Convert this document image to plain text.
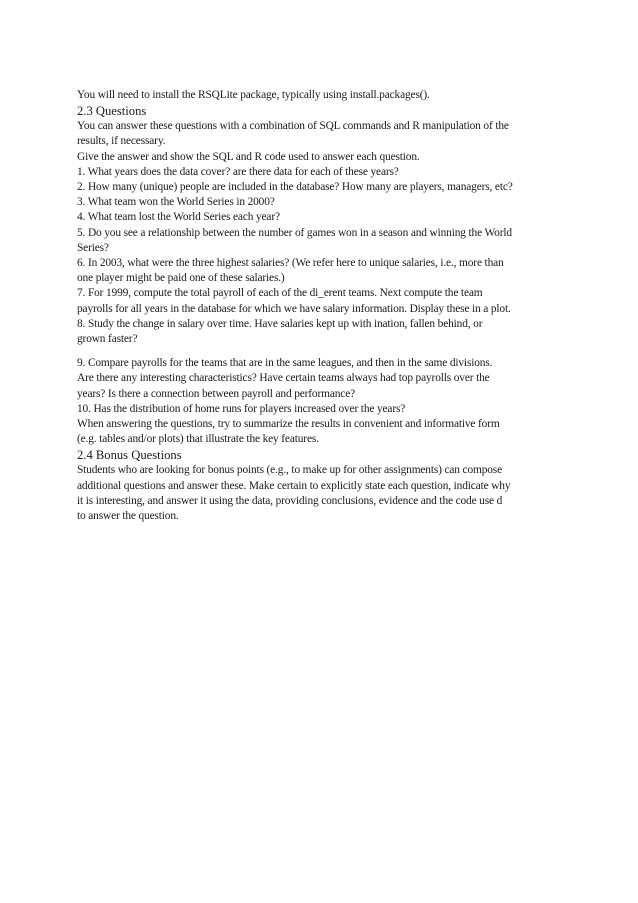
You will need to install the RSQLite package, typically using install.packages().
2.3 Questions
You can answer these questions with a combination of SQL commands and R manipulation of the
results, if necessary.
Give the answer and show the SQL and R code used to answer each question.
1. What years does the data cover? are there data for each of these years?
2. How many (unique) people are included in the database? How many are players, managers, etc?
3. What team won the World Series in 2000?
4. What team lost the World Series each year?
5. Do you see a relationship between the number of games won in a season and winning the World
Series?
6. In 2003, what were the three highest salaries? (We refer here to unique salaries, i.e., more than
one player might be paid one of these salaries.)
7. For 1999, compute the total payroll of each of the di_erent teams. Next compute the team
payrolls for all years in the database for which we have salary information. Display these in a plot.
8. Study the change in salary over time. Have salaries kept up with ination, fallen behind, or
grown faster?
9. Compare payrolls for the teams that are in the same leagues, and then in the same divisions.
Are there any interesting characteristics? Have certain teams always had top payrolls over the
years? Is there a connection between payroll and performance?
10. Has the distribution of home runs for players increased over the years?
When answering the questions, try to summarize the results in convenient and informative form
(e.g. tables and/or plots) that illustrate the key features.
2.4 Bonus Questions
Students who are looking for bonus points (e.g., to make up for other assignments) can compose
additional questions and answer these. Make certain to explicitly state each question, indicate why
it is interesting, and answer it using the data, providing conclusions, evidence and the code use d
to answer the question.
